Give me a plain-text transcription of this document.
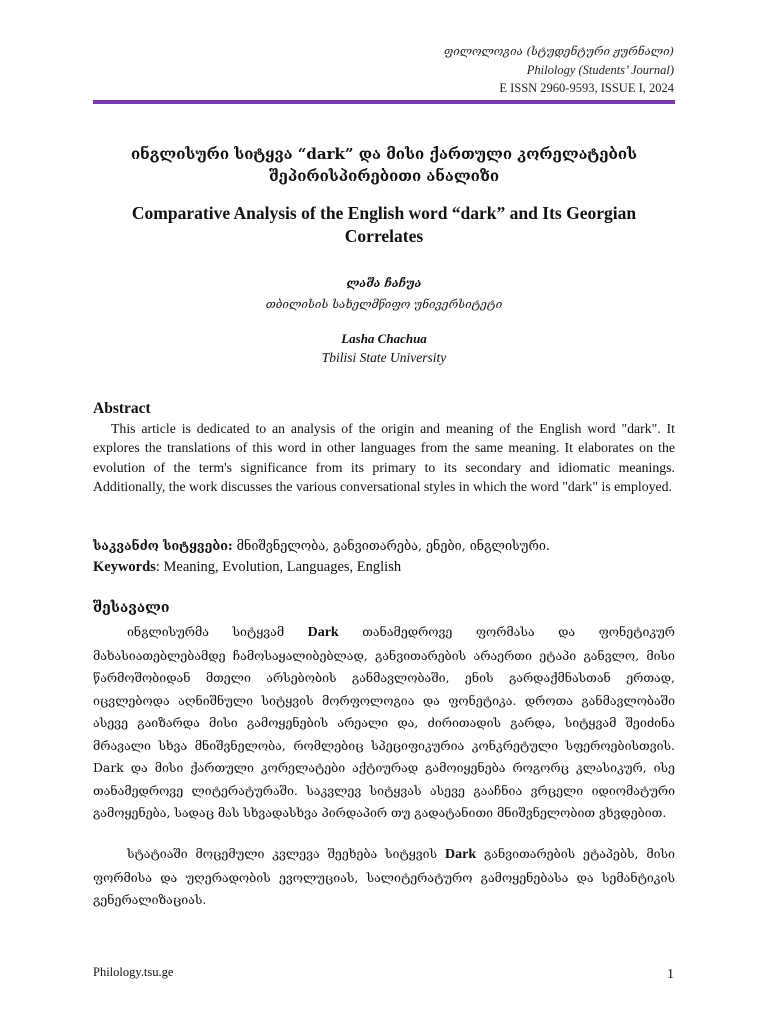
ფილოლოგია (სტუდენტური ჟურნალი)
Philology (Students’ Journal)
E ISSN 2960-9593, ISSUE I, 2024
ინგლისური სიტყვა “dark” და მისი ქართული კორელატების შეპირისპირებითი ანალიზი
Comparative Analysis of the English word “dark” and Its Georgian Correlates
ლაშა ჩაჩუა
თბილისის სახელმწიფო უნივერსიტეტი
Lasha Chachua
Tbilisi State University
Abstract
This article is dedicated to an analysis of the origin and meaning of the English word "dark". It explores the translations of this word in other languages from the same meaning. It elaborates on the evolution of the term's significance from its primary to its secondary and idiomatic meanings. Additionally, the work discusses the various conversational styles in which the word "dark" is employed.
საკვანძო სიტყვები: მნიშვნელობა, განვითარება, ენები, ინგლისური.
Keywords: Meaning, Evolution, Languages, English
შესავალი
ინგლისურმა სიტყვამ Dark თანამედროვე ფორმასა და ფონეტიკურ მახასიათებლებამდე ჩამოსაყალიბებლად, განვითარების არაერთი ეტაპი განვლო, მისი წარმოშობიდან მთელი არსებობის განმავლობაში, ენის გარდაქმნასთან ერთად, იცვლებოდა აღნიშნული სიტყვის მორფოლოგია და ფონეტიკა. დროთა განმავლობაში ასევე გაიზარდა მისი გამოყენების არეალი და, ძირითადის გარდა, სიტყვამ შეიძინა მრავალი სხვა მნიშვნელობა, რომლებიც სპეციფიკურია კონკრეტული სფეროებისთვის. Dark და მისი ქართული კორელატები აქტიურად გამოიყენება როგორც კლასიკურ, ისე თანამედროვე ლიტერატურაში. საკვლევ სიტყვას ასევე გააჩნია ვრცელი იდიომატური გამოყენება, სადაც მას სხვადასხვა პირდაპირ თუ გადატანითი მნიშვნელობით ვხვდებით.
სტატიაში მოცემული კვლევა შეეხება სიტყვის Dark განვითარების ეტაპებს, მისი ფორმისა და უღერადობის ევოლუციას, სალიტერატურო გამოყენებასა და სემანტიკის გენერალიზაციას.
Philology.tsu.ge	1
